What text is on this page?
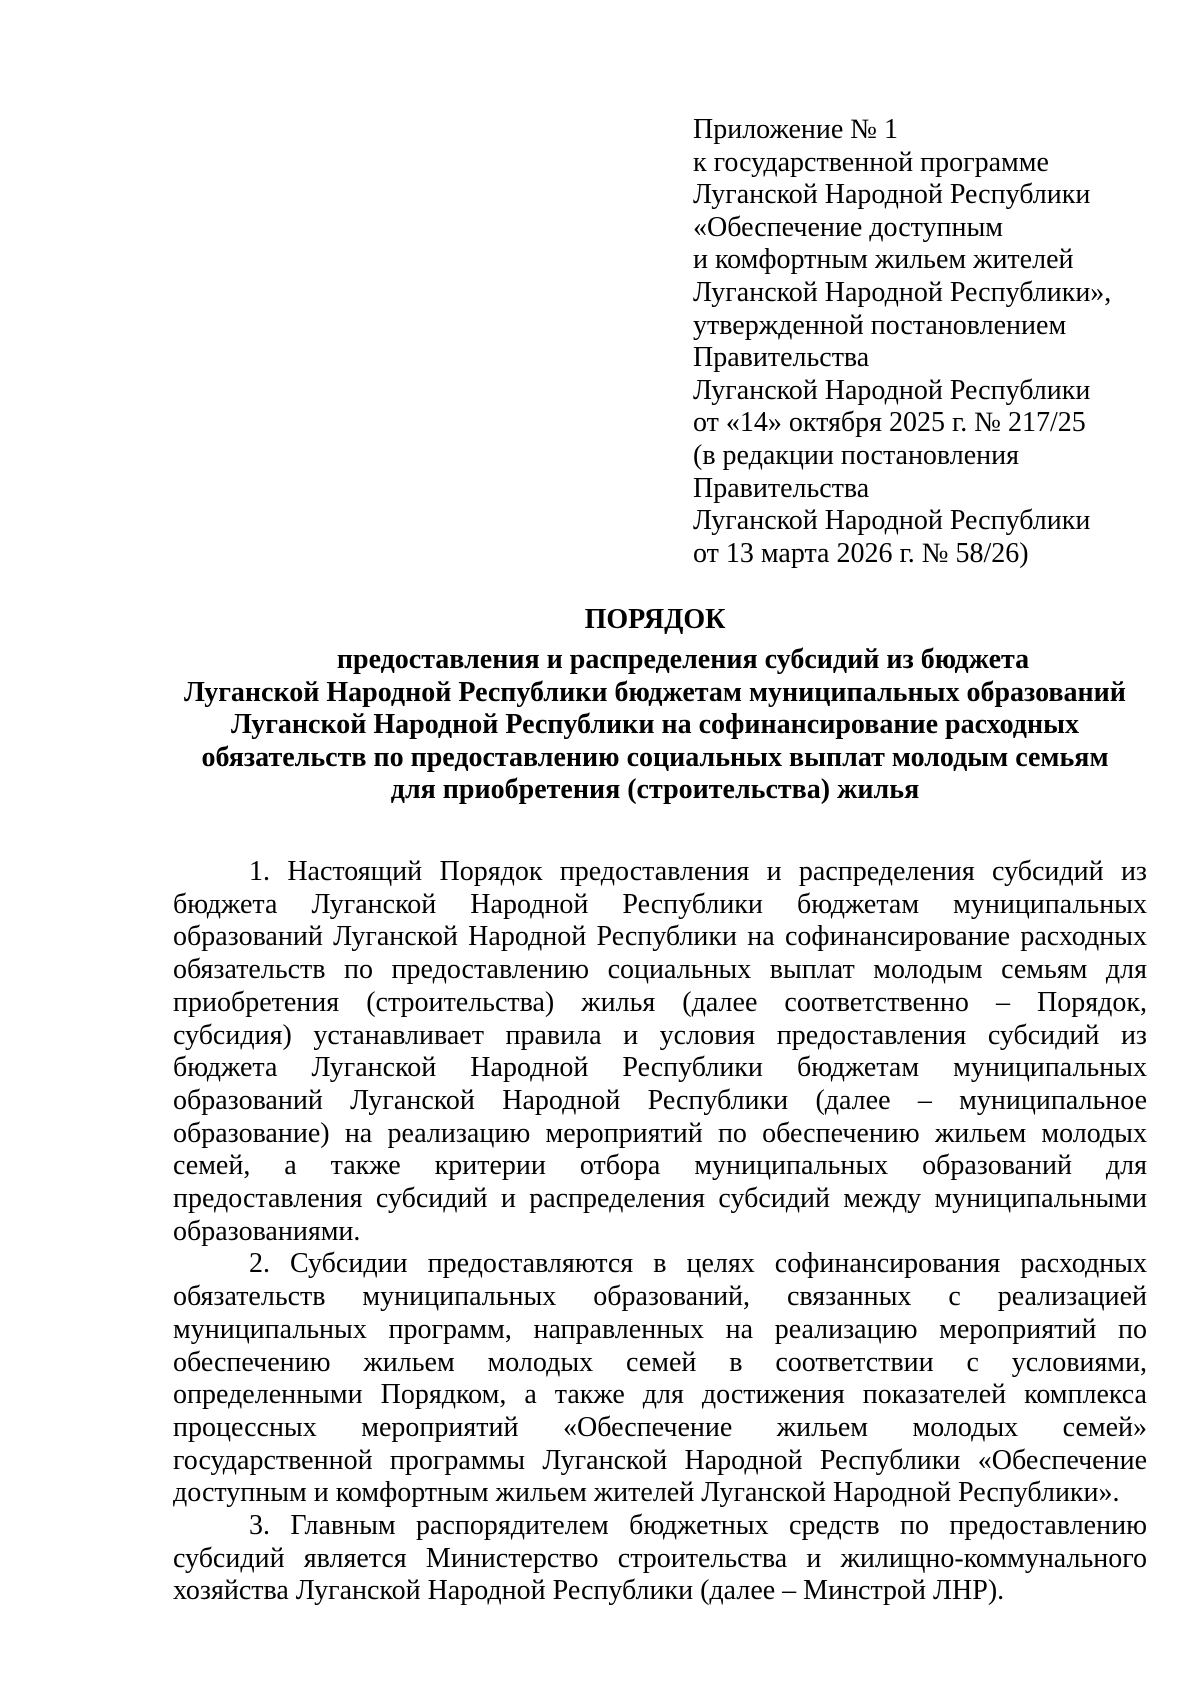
Приложение № 1
к государственной программе
Луганской Народной Республики
«Обеспечение доступным
и комфортным жильем жителей
Луганской Народной Республики»,
утвержденной постановлением
Правительства
Луганской Народной Республики
от «14» октября 2025 г. № 217/25
(в редакции постановления
Правительства
Луганской Народной Республики
от 13 марта 2026 г. № 58/26)
ПОРЯДОК
предоставления и распределения субсидий из бюджета
Луганской Народной Республики бюджетам муниципальных образований
Луганской Народной Республики на софинансирование расходных
обязательств по предоставлению социальных выплат молодым семьям
для приобретения (строительства) жилья

1. Настоящий Порядок предоставления и распределения субсидий из бюджета Луганской Народной Республики бюджетам муниципальных образований Луганской Народной Республики на софинансирование расходных обязательств по предоставлению социальных выплат молодым семьям для приобретения (строительства) жилья (далее соответственно – Порядок, субсидия) устанавливает правила и условия предоставления субсидий из бюджета Луганской Народной Республики бюджетам муниципальных образований Луганской Народной Республики (далее – муниципальное образование) на реализацию мероприятий по обеспечению жильем молодых семей, а также критерии отбора муниципальных образований для предоставления субсидий и распределения субсидий между муниципальными образованиями.

2. Субсидии предоставляются в целях софинансирования расходных обязательств муниципальных образований, связанных с реализацией муниципальных программ, направленных на реализацию мероприятий по обеспечению жильем молодых семей в соответствии с условиями, определенными Порядком, а также для достижения показателей комплекса процессных мероприятий «Обеспечение жильем молодых семей» государственной программы Луганской Народной Республики «Обеспечение доступным и комфортным жильем жителей Луганской Народной Республики».

3. Главным распорядителем бюджетных средств по предоставлению субсидий является Министерство строительства и жилищно-коммунального хозяйства Луганской Народной Республики (далее – Минстрой ЛНР).
